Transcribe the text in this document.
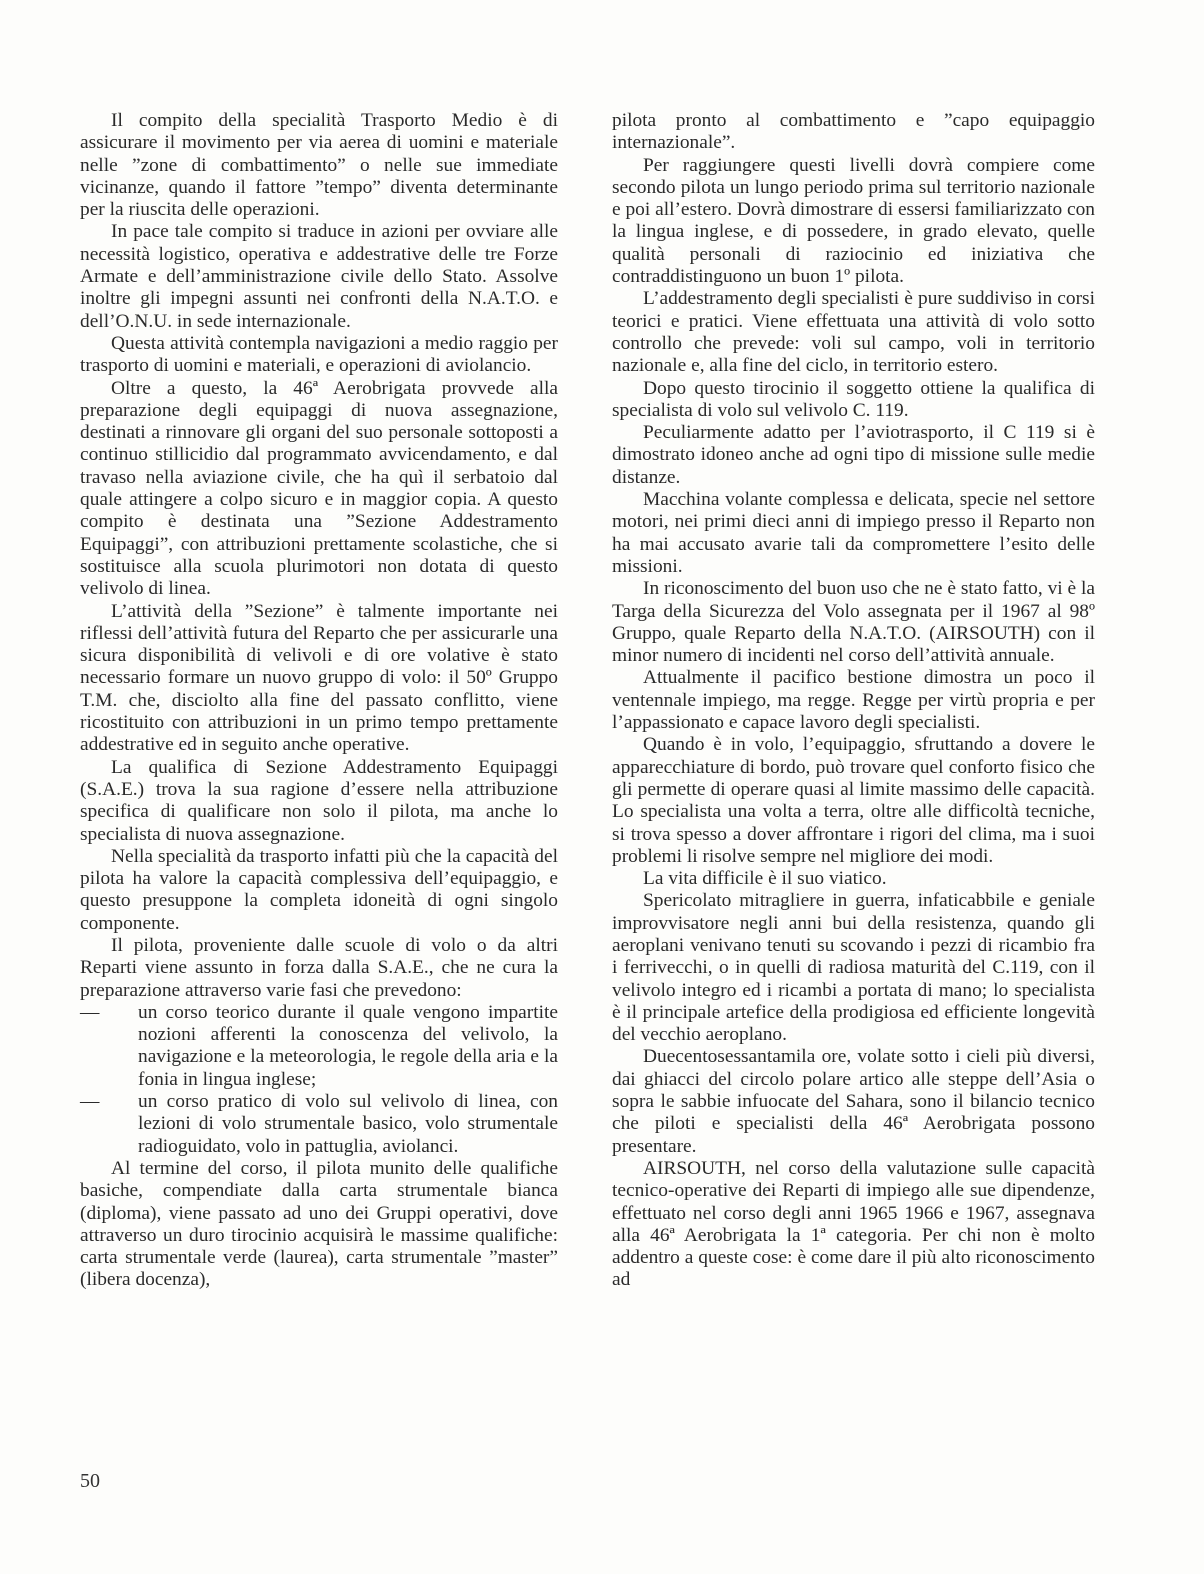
Il compito della specialità Trasporto Medio è di assicurare il movimento per via aerea di uomini e materiale nelle ”zone di combattimento” o nelle sue immediate vicinanze, quando il fattore ”tempo” diventa determinante per la riuscita delle operazioni.

In pace tale compito si traduce in azioni per ovviare alle necessità logistico, operativa e addestrative delle tre Forze Armate e dell’amministrazione civile dello Stato. Assolve inoltre gli impegni assunti nei confronti della N.A.T.O. e dell’O.N.U. in sede internazionale.

Questa attività contempla navigazioni a medio raggio per trasporto di uomini e materiali, e operazioni di aviolancio.

Oltre a questo, la 46ª Aerobrigata provvede alla preparazione degli equipaggi di nuova assegnazione, destinati a rinnovare gli organi del suo personale sottoposti a continuo stillicidio dal programmato avvicendamento, e dal travaso nella aviazione civile, che ha quì il serbatoio dal quale attingere a colpo sicuro e in maggior copia. A questo compito è destinata una ”Sezione Addestramento Equipaggi”, con attribuzioni prettamente scolastiche, che si sostituisce alla scuola plurimotori non dotata di questo velivolo di linea.

L’attività della ”Sezione” è talmente importante nei riflessi dell’attività futura del Reparto che per assicurarle una sicura disponibilità di velivoli e di ore volative è stato necessario formare un nuovo gruppo di volo: il 50º Gruppo T.M. che, disciolto alla fine del passato conflitto, viene ricostituito con attribuzioni in un primo tempo prettamente addestrative ed in seguito anche operative.

La qualifica di Sezione Addestramento Equipaggi (S.A.E.) trova la sua ragione d’essere nella attribuzione specifica di qualificare non solo il pilota, ma anche lo specialista di nuova assegnazione.

Nella specialità da trasporto infatti più che la capacità del pilota ha valore la capacità complessiva dell’equipaggio, e questo presuppone la completa idoneità di ogni singolo componente.

Il pilota, proveniente dalle scuole di volo o da altri Reparti viene assunto in forza dalla S.A.E., che ne cura la preparazione attraverso varie fasi che prevedono:

— un corso teorico durante il quale vengono impartite nozioni afferenti la conoscenza del velivolo, la navigazione e la meteorologia, le regole della aria e la fonia in lingua inglese;
— un corso pratico di volo sul velivolo di linea, con lezioni di volo strumentale basico, volo strumentale radioguidato, volo in pattuglia, aviolanci.

Al termine del corso, il pilota munito delle qualifiche basiche, compendiate dalla carta strumentale bianca (diploma), viene passato ad uno dei Gruppi operativi, dove attraverso un duro tirocinio acquisirà le massime qualifiche: carta strumentale verde (laurea), carta strumentale ”master” (libera docenza),

pilota pronto al combattimento e ”capo equipaggio internazionale”.

Per raggiungere questi livelli dovrà compiere come secondo pilota un lungo periodo prima sul territorio nazionale e poi all’estero. Dovrà dimostrare di essersi familiarizzato con la lingua inglese, e di possedere, in grado elevato, quelle qualità personali di raziocinio ed iniziativa che contraddistinguono un buon 1º pilota.

L’addestramento degli specialisti è pure suddiviso in corsi teorici e pratici. Viene effettuata una attività di volo sotto controllo che prevede: voli sul campo, voli in territorio nazionale e, alla fine del ciclo, in territorio estero.

Dopo questo tirocinio il soggetto ottiene la qualifica di specialista di volo sul velivolo C. 119.

Peculiarmente adatto per l’aviotrasporto, il C 119 si è dimostrato idoneo anche ad ogni tipo di missione sulle medie distanze.

Macchina volante complessa e delicata, specie nel settore motori, nei primi dieci anni di impiego presso il Reparto non ha mai accusato avarie tali da compromettere l’esito delle missioni.

In riconoscimento del buon uso che ne è stato fatto, vi è la Targa della Sicurezza del Volo assegnata per il 1967 al 98º Gruppo, quale Reparto della N.A.T.O. (AIRSOUTH) con il minor numero di incidenti nel corso dell’attività annuale.

Attualmente il pacifico bestione dimostra un poco il ventennale impiego, ma regge. Regge per virtù propria e per l’appassionato e capace lavoro degli specialisti.

Quando è in volo, l’equipaggio, sfruttando a dovere le apparecchiature di bordo, può trovare quel conforto fisico che gli permette di operare quasi al limite massimo delle capacità. Lo specialista una volta a terra, oltre alle difficoltà tecniche, si trova spesso a dover affrontare i rigori del clima, ma i suoi problemi li risolve sempre nel migliore dei modi.

La vita difficile è il suo viatico.

Spericolato mitragliere in guerra, infaticabbile e geniale improvvisatore negli anni bui della resistenza, quando gli aeroplani venivano tenuti su scovando i pezzi di ricambio fra i ferrivecchi, o in quelli di radiosa maturità del C.119, con il velivolo integro ed i ricambi a portata di mano; lo specialista è il principale artefice della prodigiosa ed efficiente longevità del vecchio aeroplano.

Duecentosessantamila ore, volate sotto i cieli più diversi, dai ghiacci del circolo polare artico alle steppe dell’Asia o sopra le sabbie infuocate del Sahara, sono il bilancio tecnico che piloti e specialisti della 46ª Aerobrigata possono presentare.

AIRSOUTH, nel corso della valutazione sulle capacità tecnico-operative dei Reparti di impiego alle sue dipendenze, effettuato nel corso degli anni 1965 1966 e 1967, assegnava alla 46ª Aerobrigata la 1ª categoria. Per chi non è molto addentro a queste cose: è come dare il più alto riconoscimento ad

50
